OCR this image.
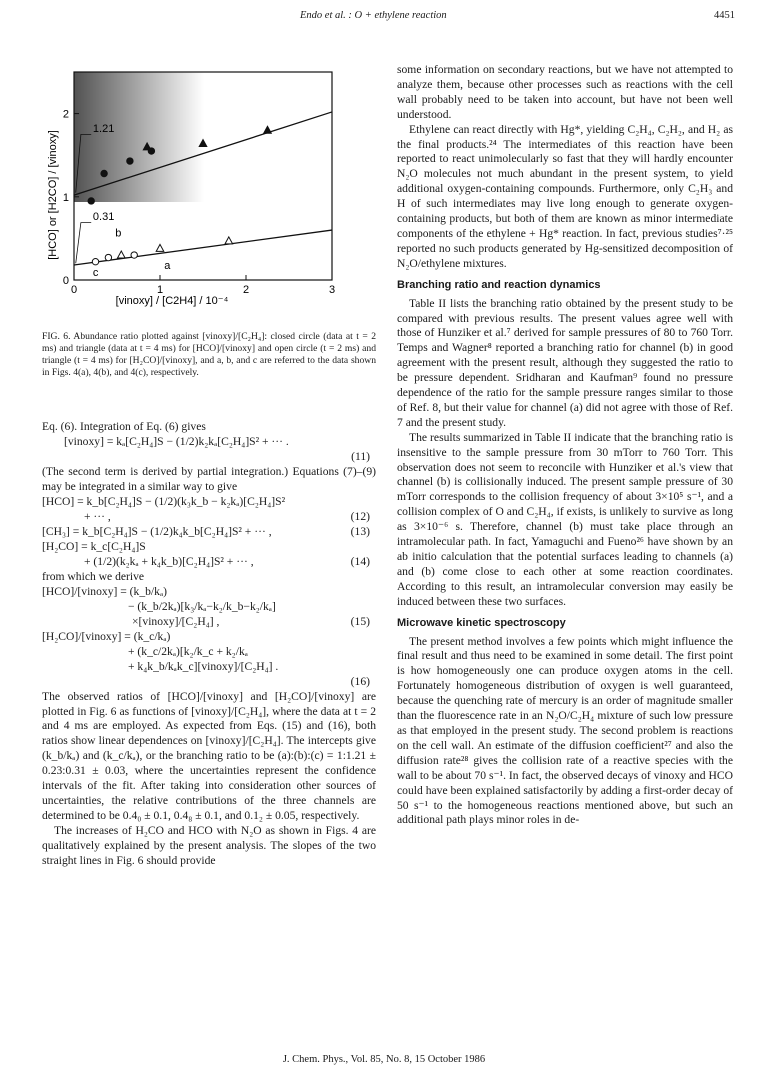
Endo et al. : O + ethylene reaction	4451
0	1	2	3
0
1
2
1.21
0.31
a
b
c
[HCO] or [H2CO] / [vinoxy]
[vinoxy] / [C2H4] / 10⁻⁴
FIG. 6. Abundance ratio plotted against [vinoxy]/[C₂H₄]: closed circle (data at t = 2 ms) and triangle (data at t = 4 ms) for [HCO]/[vinoxy] and open circle (t = 2 ms) and triangle (t = 4 ms) for [H₂CO]/[vinoxy], and a, b, and c are referred to the data shown in Figs. 4(a), 4(b), and 4(c), respectively.

Eq. (6). Integration of Eq. (6) gives

[vinoxy] = kₐ[C₂H₄]S − (1/2)k₂kₐ[C₂H₄]S² + ··· .
(11)

(The second term is derived by partial integration.) Equations (7)–(9) may be integrated in a similar way to give

[HCO] = k_b[C₂H₄]S − (1/2)(k₃k_b − k₂kₐ)[C₂H₄]S²
+ ··· ,	(12)
[CH₃] = k_b[C₂H₄]S − (1/2)k₄k_b[C₂H₄]S² + ··· ,	(13)
[H₂CO] = k_c[C₂H₄]S
+ (1/2)(k₂kₐ + k₄k_b)[C₂H₄]S² + ··· ,	(14)

from which we derive

[HCO]/[vinoxy] = (k_b/kₐ)
− (k_b/2kₐ)[k₃/kₐ−k₂/k_b−k₂/kₐ]
×[vinoxy]/[C₂H₄] ,	(15)
[H₂CO]/[vinoxy] = (k_c/kₐ)
+ (k_c/2kₐ)[k₂/k_c + k₂/kₐ
+ k₄k_b/kₐk_c][vinoxy]/[C₂H₄] .
(16)

The observed ratios of [HCO]/[vinoxy] and [H₂CO]/[vinoxy] are plotted in Fig. 6 as functions of [vinoxy]/[C₂H₄], where the data at t = 2 and 4 ms are employed. As expected from Eqs. (15) and (16), both ratios show linear dependences on [vinoxy]/[C₂H₄]. The intercepts give (k_b/kₐ) and (k_c/kₐ), or the branching ratio to be (a):(b):(c) = 1:1.21 ± 0.23:0.31 ± 0.03, where the uncertainties represent the confidence intervals of the fit. After taking into consideration other sources of uncertainties, the relative contributions of the three channels are determined to be 0.4₀ ± 0.1, 0.4₈ ± 0.1, and 0.1₂ ± 0.05, respectively.

The increases of H₂CO and HCO with N₂O as shown in Figs. 4 are qualitatively explained by the present analysis. The slopes of the two straight lines in Fig. 6 should provide

some information on secondary reactions, but we have not attempted to analyze them, because other processes such as reactions with the cell wall probably need to be taken into account, but have not been well understood.

Ethylene can react directly with Hg*, yielding C₂H₄, C₂H₂, and H₂ as the final products.²⁴ The intermediates of this reaction have been reported to react unimolecularly so fast that they will hardly encounter N₂O molecules not much abundant in the present system, to yield additional oxygen-containing compounds. Furthermore, only C₂H₃ and H of such intermediates may live long enough to generate oxygen-containing products, but both of them are known as minor intermediate components of the ethylene + Hg* reaction. In fact, previous studies⁷·²⁵ reported no such products generated by Hg-sensitized decomposition of N₂O/ethylene mixtures.

Branching ratio and reaction dynamics

Table II lists the branching ratio obtained by the present study to be compared with previous results. The present values agree well with those of Hunziker et al.⁷ derived for sample pressures of 80 to 760 Torr. Temps and Wagner⁸ reported a branching ratio for channel (b) in good agreement with the present result, although they suggested the ratio to be pressure dependent. Sridharan and Kaufman⁹ found no pressure dependence of the ratio for the sample pressure ranges similar to those of Ref. 8, but their value for channel (a) did not agree with those of Ref. 7 and the present study.

The results summarized in Table II indicate that the branching ratio is insensitive to the sample pressure from 30 mTorr to 760 Torr. This observation does not seem to reconcile with Hunziker et al.'s view that channel (b) is collisionally induced. The present sample pressure of 30 mTorr corresponds to the collision frequency of about 3×10⁵ s⁻¹, and a collision complex of O and C₂H₄, if exists, is unlikely to survive as long as 3×10⁻⁶ s. Therefore, channel (b) must take place through an intramolecular path. In fact, Yamaguchi and Fueno²⁶ have shown by an ab initio calculation that the potential surfaces leading to channels (a) and (b) come close to each other at some reaction coordinates. According to this result, an intramolecular conversion may easily be induced between these two surfaces.

Microwave kinetic spectroscopy

The present method involves a few points which might influence the final result and thus need to be examined in some detail. The first point is how homogeneously one can produce oxygen atoms in the cell. Fortunately homogeneous distribution of oxygen is well guaranteed, because the quenching rate of mercury is an order of magnitude smaller than the fluorescence rate in an N₂O/C₂H₄ mixture of such low pressure as that employed in the present study. The second problem is reactions on the cell wall. An estimate of the diffusion coefficient²⁷ and also the diffusion rate²⁸ gives the collision rate of a reactive species with the wall to be about 70 s⁻¹. In fact, the observed decays of vinoxy and HCO could have been explained satisfactorily by adding a first-order decay of 50 s⁻¹ to the homogeneous reactions mentioned above, but such an additional path plays minor roles in de-

J. Chem. Phys., Vol. 85, No. 8, 15 October 1986
